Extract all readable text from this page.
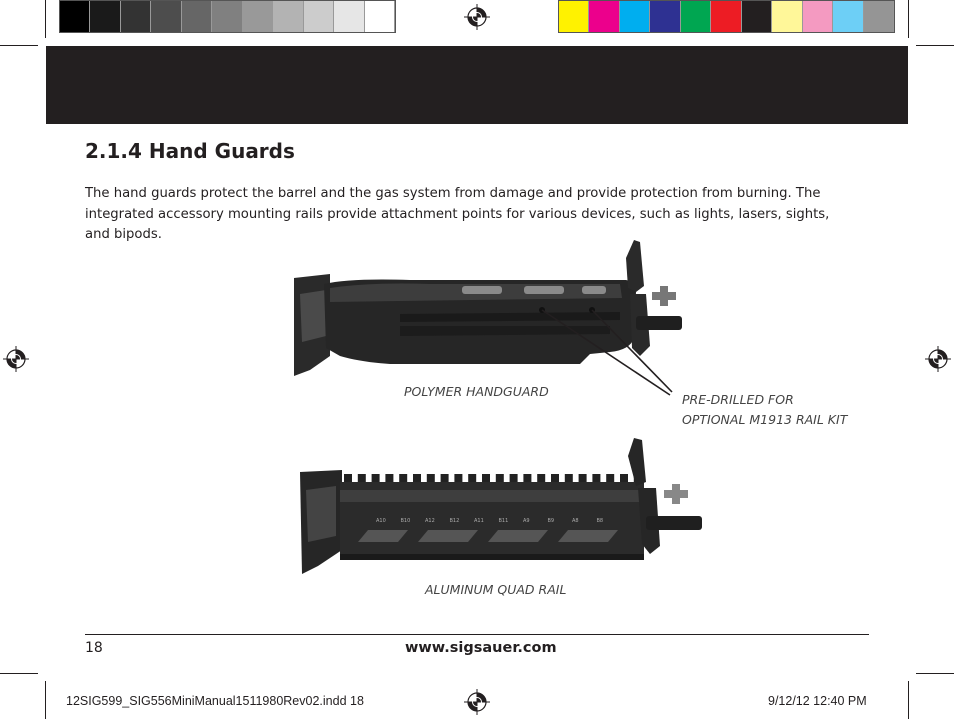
2.1.4 Hand Guards

The hand guards protect the barrel and the gas system from damage and provide protection from burning. The integrated accessory mounting rails provide attachment points for various devices, such as lights, lasers, sights, and bipods.

POLYMER HANDGUARD
PRE-DRILLED FOR
OPTIONAL M1913 RAIL KIT
A10	B10	A12	B12	A11	B11	A9	B9	A8	B8
ALUMINUM QUAD RAIL
18	www.sigsauer.com
12SIG599_SIG556MiniManual1511980Rev02.indd 18	9/12/12 12:40 PM
